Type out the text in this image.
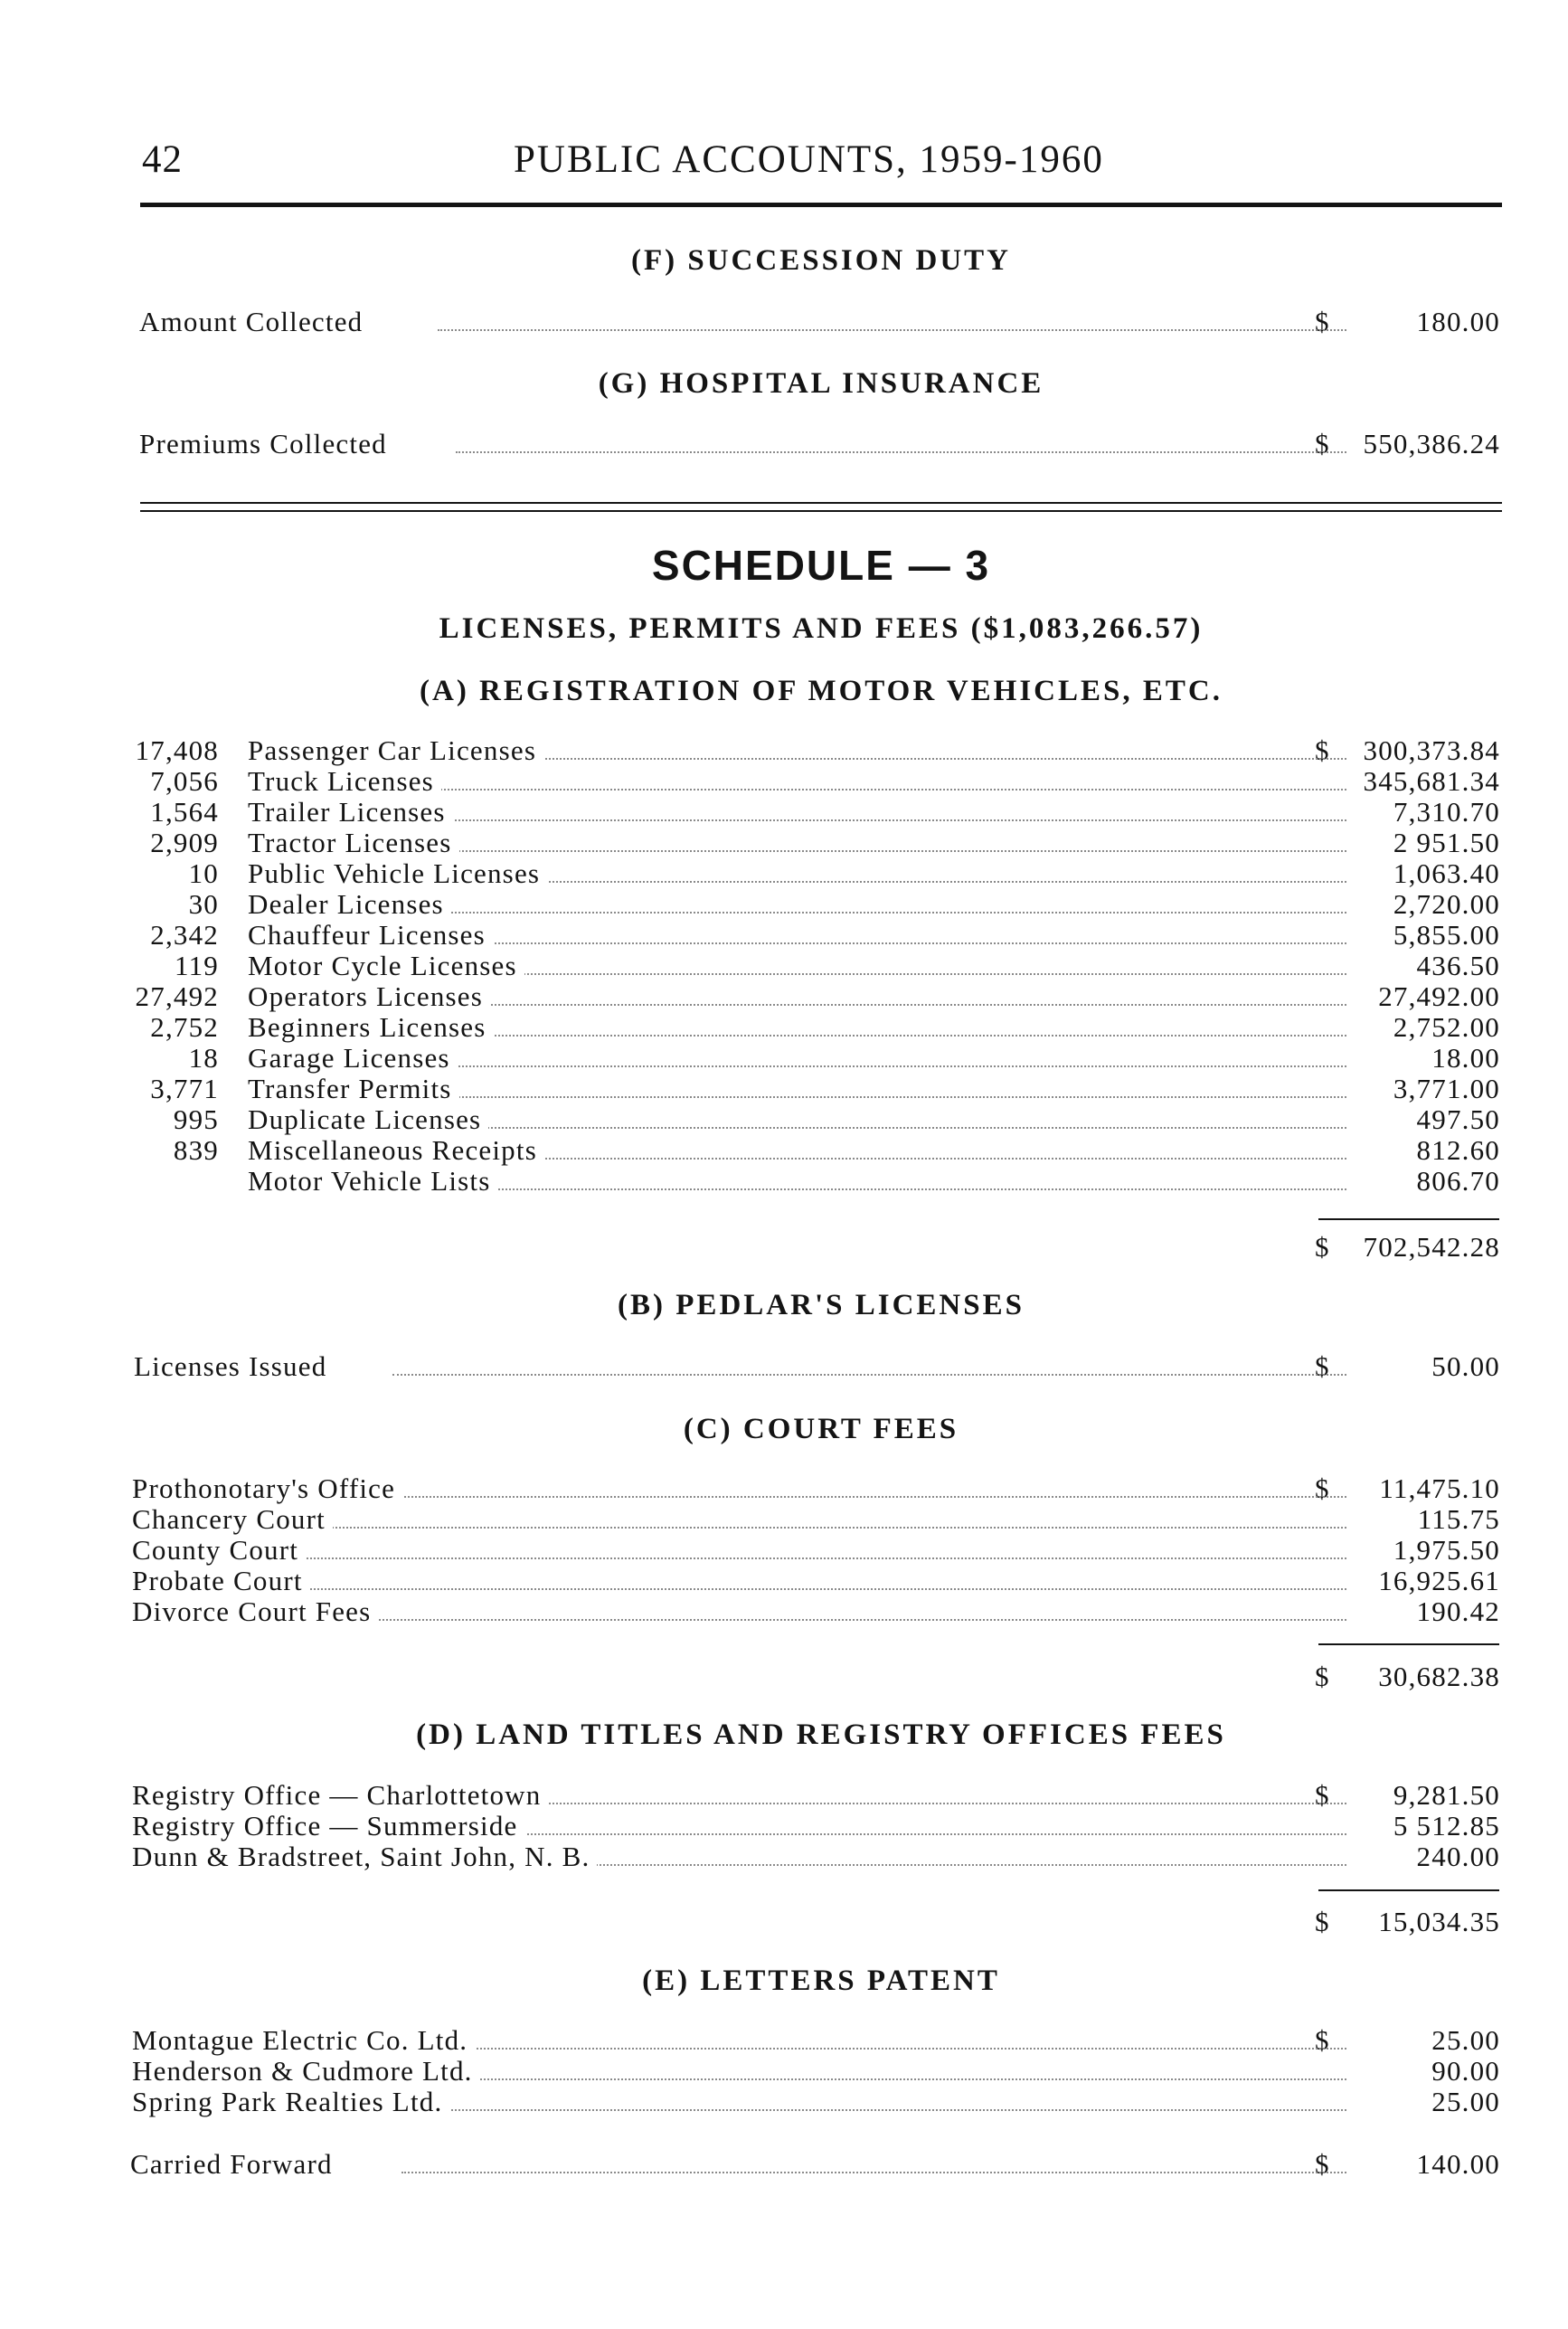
42	PUBLIC ACCOUNTS, 1959-1960
(F) SUCCESSION DUTY
Amount Collected	$	180.00
(G) HOSPITAL INSURANCE
Premiums Collected	$	550,386.24
SCHEDULE — 3
LICENSES, PERMITS AND FEES ($1,083,266.57)
(A) REGISTRATION OF MOTOR VEHICLES, ETC.
17,408 Passenger Car Licenses	$	300,373.84
7,056 Truck Licenses	345,681.34
1,564 Trailer Licenses	7,310.70
2,909 Tractor Licenses	2 951.50
10 Public Vehicle Licenses	1,063.40
30 Dealer Licenses	2,720.00
2,342 Chauffeur Licenses	5,855.00
119 Motor Cycle Licenses	436.50
27,492 Operators Licenses	27,492.00
2,752 Beginners Licenses	2,752.00
18 Garage Licenses	18.00
3,771 Transfer Permits	3,771.00
995 Duplicate Licenses	497.50
839 Miscellaneous Receipts	812.60
Motor Vehicle Lists	806.70
$	702,542.28
(B) PEDLAR'S LICENSES
Licenses Issued	$	50.00
(C) COURT FEES
Prothonotary's Office	$	11,475.10
Chancery Court	115.75
County Court	1,975.50
Probate Court	16,925.61
Divorce Court Fees	190.42
$	30,682.38
(D) LAND TITLES AND REGISTRY OFFICES FEES
Registry Office — Charlottetown	$	9,281.50
Registry Office — Summerside	5 512.85
Dunn & Bradstreet, Saint John, N. B.	240.00
$	15,034.35
(E) LETTERS PATENT
Montague Electric Co. Ltd.	$	25.00
Henderson & Cudmore Ltd.	90.00
Spring Park Realties Ltd.	25.00
Carried Forward	$	140.00
